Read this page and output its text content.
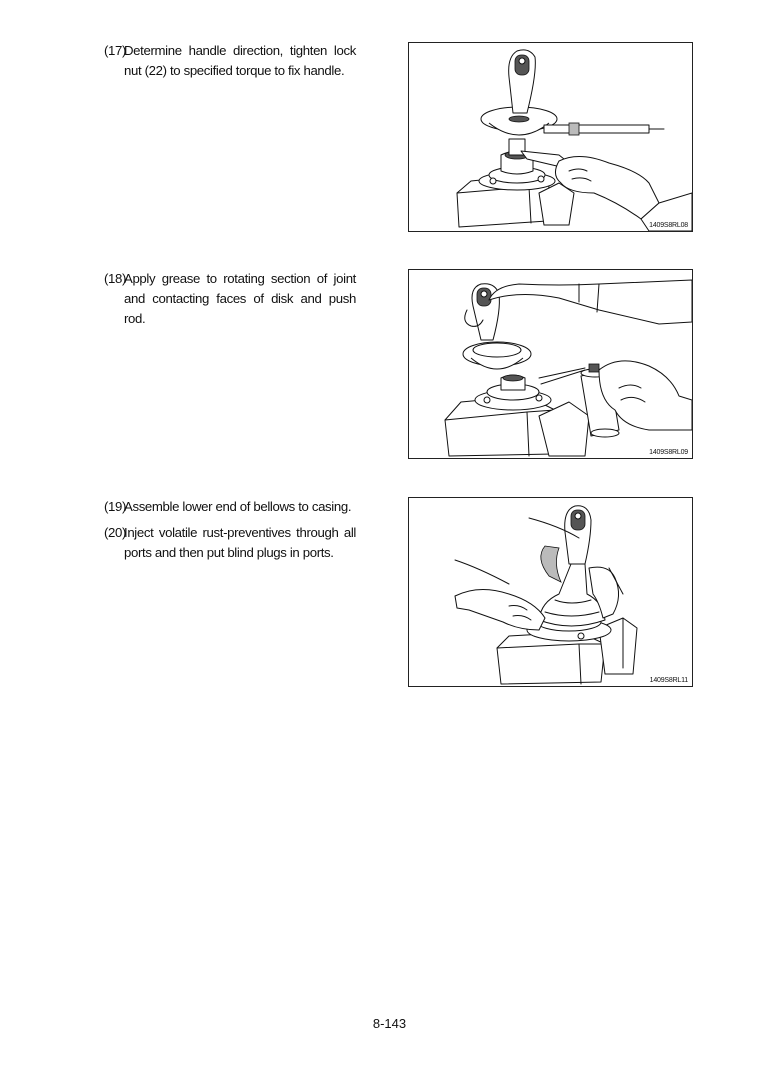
(17)
Determine handle direction, tighten lock nut (22) to specified torque to fix handle.
1409S8RL08
(18)
Apply grease to rotating section of joint and contacting faces of disk and push rod.
1409S8RL09
(19)
Assemble lower end of bellows to casing.
(20)
Inject volatile rust-preventives through all ports and then put blind plugs in ports.
1409S8RL11
8-143
